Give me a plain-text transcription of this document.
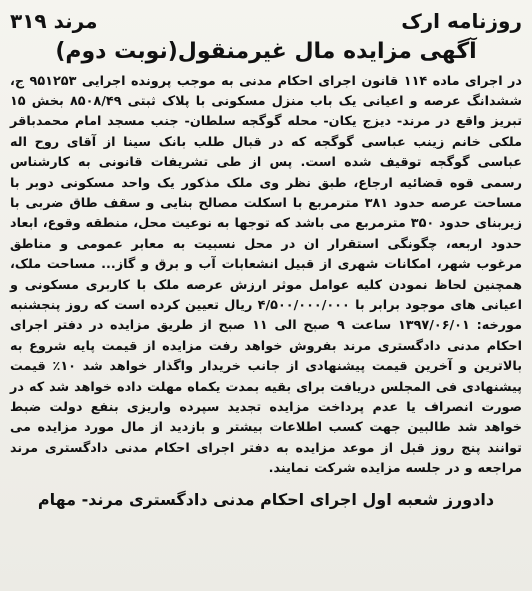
روزنامه ارک
مرند ۳۱۹
آگهی مزایده مال غیرمنقول(نوبت دوم)
در اجرای ماده ۱۱۴ قانون اجرای احکام مدنی به موجب پرونده اجرایی ۹۵۱۲۵۳ ج، ششدانگ عرصه و اعیانی یک باب منزل مسکونی با پلاک ثبتی ۸۵۰۸/۴۹ بخش ۱۵ تبریز واقع در مرند- دیزج یکان- محله گوگجه سلطان- جنب مسجد امام محمدباقر ملکی خانم زینب عباسی گوگجه که در قبال طلب بانک سینا از آقای روح اله عباسی گوگجه توقیف شده است. پس از طی تشریفات قانونی به کارشناس رسمی قوه قضائیه ارجاع، طبق نظر وی ملک مذکور یک واحد مسکونی دوبر با مساحت عرصه حدود ۳۸۱ مترمربع با اسکلت مصالح بنایی و سقف طاق ضربی با زیربنای حدود ۳۵۰ مترمربع می باشد که توجها به نوعیت محل، منطقه وقوع، ابعاد حدود اربعه، چگونگی استقرار ان در محل نسبیت به معابر عمومی و مناطق مرغوب شهر، امکانات شهری از قبیل انشعابات آب و برق و گاز... مساحت ملک، همچنین لحاظ نمودن کلیه عوامل موثر ارزش عرصه ملک با کاربری مسکونی و اعیانی های موجود برابر با ۴/۵۰۰/۰۰۰/۰۰۰ ریال تعیین کرده است که روز پنجشنبه مورخه: ۱۳۹۷/۰۶/۰۱ ساعت ۹ صبح الی ۱۱ صبح از طریق مزایده در دفتر اجرای احکام مدنی دادگستری مرند بفروش خواهد رفت مزایده از قیمت پایه شروع به بالاترین و آخرین قیمت پیشنهادی از جانب خریدار واگذار خواهد شد ۱۰٪ قیمت پیشنهادی فی المجلس دریافت برای بقیه بمدت یکماه مهلت داده خواهد شد که در صورت انصراف یا عدم پرداخت مزایده تجدید سپرده واریزی بنفع دولت ضبط خواهد شد طالبین جهت کسب اطلاعات بیشتر و بازدید از مال مورد مزایده می توانند پنج روز قبل از موعد مزایده به دفتر اجرای احکام مدنی دادگستری مرند مراجعه و در جلسه مزایده شرکت نمایند.
دادورز شعبه اول اجرای احکام مدنی دادگستری مرند- مهام
